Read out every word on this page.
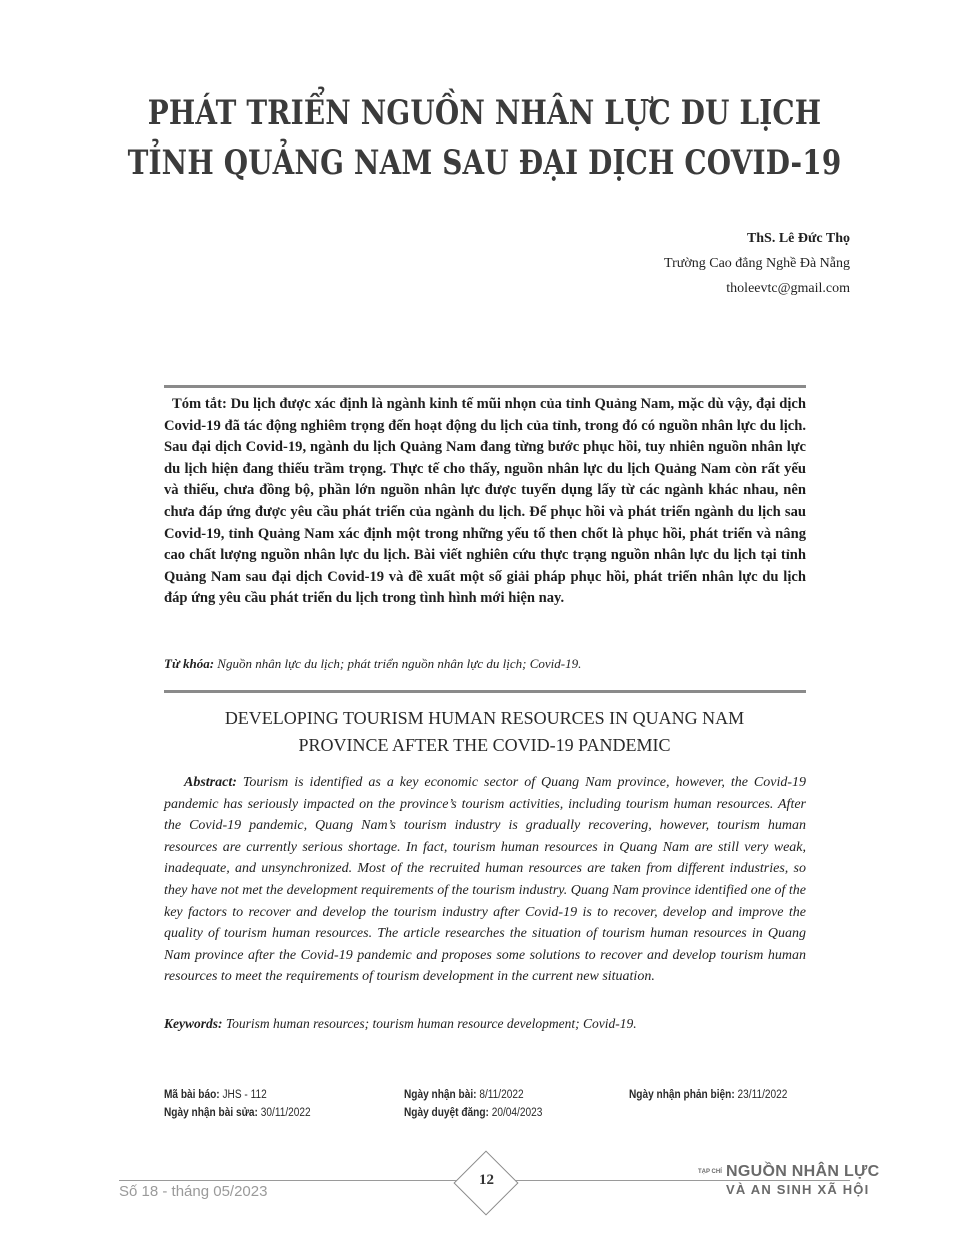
PHÁT TRIỂN NGUỒN NHÂN LỰC DU LỊCH
TỈNH QUẢNG NAM SAU ĐẠI DỊCH COVID-19
ThS. Lê Đức Thọ
Trường Cao đẳng Nghề Đà Nẵng
tholeevtc@gmail.com

Tóm tắt: Du lịch được xác định là ngành kinh tế mũi nhọn của tỉnh Quảng Nam, mặc dù vậy, đại dịch Covid-19 đã tác động nghiêm trọng đến hoạt động du lịch của tỉnh, trong đó có nguồn nhân lực du lịch. Sau đại dịch Covid-19, ngành du lịch Quảng Nam đang từng bước phục hồi, tuy nhiên nguồn nhân lực du lịch hiện đang thiếu trầm trọng. Thực tế cho thấy, nguồn nhân lực du lịch Quảng Nam còn rất yếu và thiếu, chưa đồng bộ, phần lớn nguồn nhân lực được tuyển dụng lấy từ các ngành khác nhau, nên chưa đáp ứng được yêu cầu phát triển của ngành du lịch. Để phục hồi và phát triển ngành du lịch sau Covid-19, tỉnh Quảng Nam xác định một trong những yếu tố then chốt là phục hồi, phát triển và nâng cao chất lượng nguồn nhân lực du lịch. Bài viết nghiên cứu thực trạng nguồn nhân lực du lịch tại tỉnh Quảng Nam sau đại dịch Covid-19 và đề xuất một số giải pháp phục hồi, phát triển nhân lực du lịch đáp ứng yêu cầu phát triển du lịch trong tình hình mới hiện nay.

Từ khóa: Nguồn nhân lực du lịch; phát triển nguồn nhân lực du lịch; Covid-19.
DEVELOPING TOURISM HUMAN RESOURCES IN QUANG NAM
PROVINCE AFTER THE COVID-19 PANDEMIC

Abstract: Tourism is identified as a key economic sector of Quang Nam province, however, the Covid-19 pandemic has seriously impacted on the province’s tourism activities, including tourism human resources. After the Covid-19 pandemic, Quang Nam’s tourism industry is gradually recovering, however, tourism human resources are currently serious shortage. In fact, tourism human resources in Quang Nam are still very weak, inadequate, and unsynchronized. Most of the recruited human resources are taken from different industries, so they have not met the development requirements of the tourism industry. Quang Nam province identified one of the key factors to recover and develop the tourism industry after Covid-19 is to recover, develop and improve the quality of tourism human resources. The article researches the situation of tourism human resources in Quang Nam province after the Covid-19 pandemic and proposes some solutions to recover and develop tourism human resources to meet the requirements of tourism development in the current new situation.

Keywords: Tourism human resources; tourism human resource development; Covid-19.
Mã bài báo: JHS - 112	Ngày nhận bài: 8/11/2022	Ngày nhận phản biện: 23/11/2022
Ngày nhận bài sửa: 30/11/2022	Ngày duyệt đăng: 20/04/2023
Số 18 - tháng 05/2023
12	TẠP CHÍ NGUỒN NHÂN LỰC
VÀ AN SINH XÃ HỘI
